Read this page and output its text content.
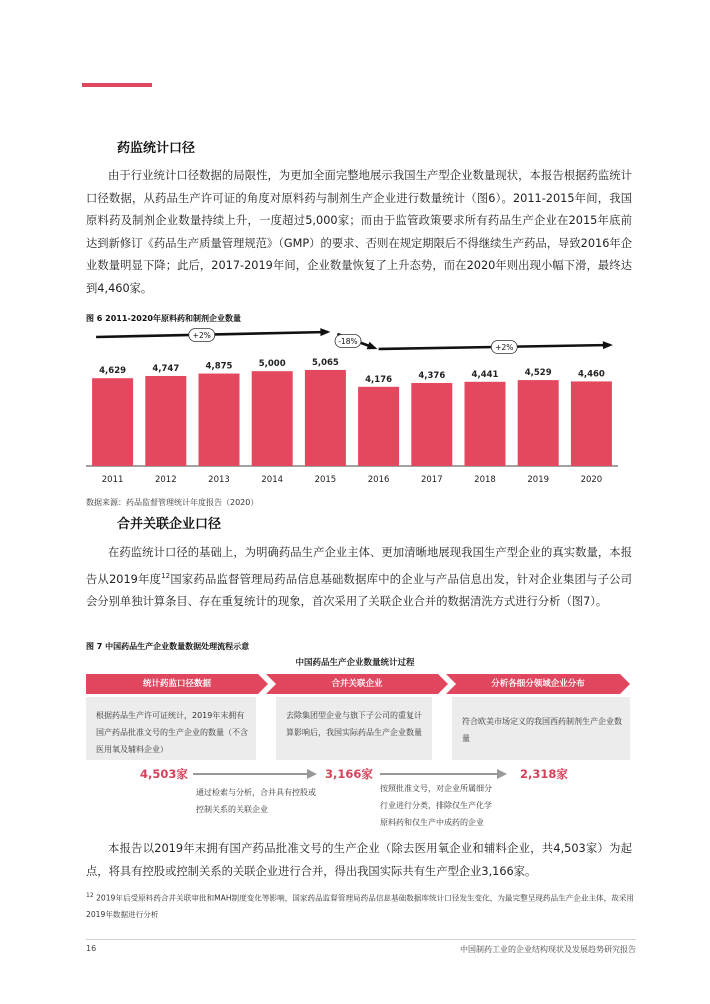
药监统计口径

由于行业统计口径数据的局限性，为更加全面完整地展示我国生产型企业数量现状，本报告根据药监统计口径数据，从药品生产许可证的角度对原料药与制剂生产企业进行数量统计（图6）。2011-2015年间，我国原料药及制剂企业数量持续上升，一度超过5,000家；而由于监管政策要求所有药品生产企业在2015年底前达到新修订《药品生产质量管理规范》（GMP）的要求、否则在规定期限后不得继续生产药品，导致2016年企业数量明显下降；此后，2017-2019年间，企业数量恢复了上升态势，而在2020年则出现小幅下滑，最终达到4,460家。

图 6 2011-2020年原料药和制剂企业数量
4,629
2011
4,747
2012
4,875
2013
5,000
2014
5,065
2015
4,176
2016
4,376
2017
4,441
2018
4,529
2019
4,460
2020
+2%
-18%
+2%
数据来源：药品监督管理统计年度报告（2020）
合并关联企业口径

在药监统计口径的基础上，为明确药品生产企业主体、更加清晰地展现我国生产型企业的真实数量，本报告从2019年度$^{12}$国家药品监督管理局药品信息基础数据库中的企业与产品信息出发，针对企业集团与子公司会分别单独计算条目、存在重复统计的现象，首次采用了关联企业合并的数据清洗方式进行分析（图7）。

图 7 中国药品生产企业数量数据处理流程示意
中国药品生产企业数量统计过程
统计药监口径数据	合并关联企业	分析各细分领域企业分布
根据药品生产许可证统计，2019年末拥有国产药品批准文号的生产企业的数量（不含医用氧及辅料企业）
去除集团型企业与旗下子公司的重复计算影响后，我国实际药品生产企业数量
符合欧美市场定义的我国西药制剂生产企业数量
4,503家	3,166家	2,318家
通过检索与分析，合并具有控股或控制关系的关联企业
按照批准文号，对企业所属细分行业进行分类，排除仅生产化学原料药和仅生产中成药的企业

本报告以2019年末拥有国产药品批准文号的生产企业（除去医用氧企业和辅料企业，共4,503家）为起点，将具有控股或控制关系的关联企业进行合并，得出我国实际共有生产型企业3,166家。

$^{12}$ 2019年后受原料药合并关联审批和MAH制度变化等影响，国家药品监督管理局药品信息基础数据库统计口径发生变化，为最完整呈现药品生产企业主体，故采用2019年数据进行分析
16	中国制药工业的企业结构现状及发展趋势研究报告
